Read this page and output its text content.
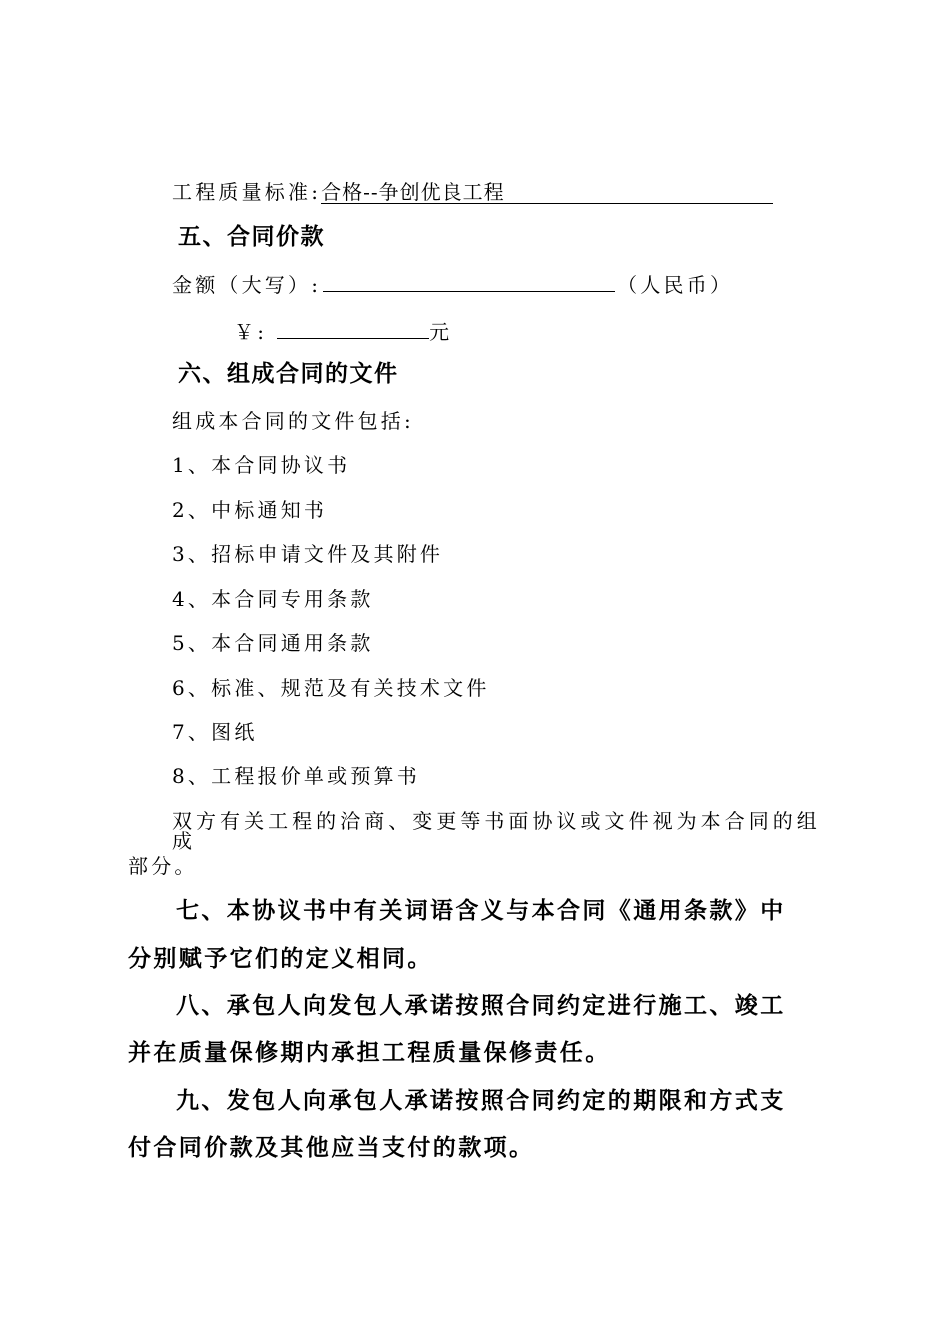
工程质量标准:合格--争创优良工程
五、合同价款
金额（大写）:	（人民币）
￥:	元
六、组成合同的文件
组成本合同的文件包括:
1、本合同协议书
2、中标通知书
3、招标申请文件及其附件
4、本合同专用条款
5、本合同通用条款
6、标准、规范及有关技术文件
7、图纸
8、工程报价单或预算书
双方有关工程的洽商、变更等书面协议或文件视为本合同的组成
部分。
七、本协议书中有关词语含义与本合同《通用条款》中
分别赋予它们的定义相同。
八、承包人向发包人承诺按照合同约定进行施工、竣工
并在质量保修期内承担工程质量保修责任。
九、发包人向承包人承诺按照合同约定的期限和方式支
付合同价款及其他应当支付的款项。
